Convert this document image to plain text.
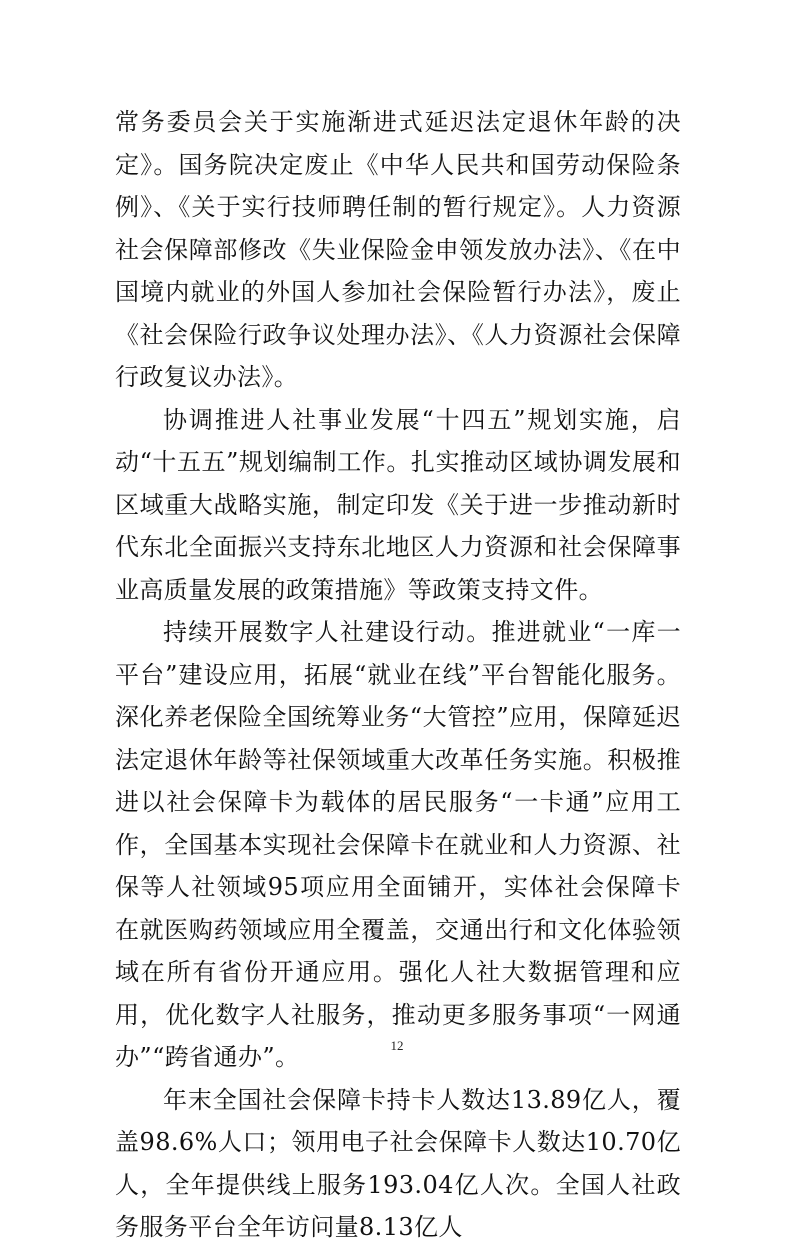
常务委员会关于实施渐进式延迟法定退休年龄的决定》。国务院决定废止《中华人民共和国劳动保险条例》、《关于实行技师聘任制的暂行规定》。人力资源社会保障部修改《失业保险金申领发放办法》、《在中国境内就业的外国人参加社会保险暂行办法》，废止《社会保险行政争议处理办法》、《人力资源社会保障行政复议办法》。

协调推进人社事业发展“十四五”规划实施，启动“十五五”规划编制工作。扎实推动区域协调发展和区域重大战略实施，制定印发《关于进一步推动新时代东北全面振兴支持东北地区人力资源和社会保障事业高质量发展的政策措施》等政策支持文件。

持续开展数字人社建设行动。推进就业“一库一平台”建设应用，拓展“就业在线”平台智能化服务。深化养老保险全国统筹业务“大管控”应用，保障延迟法定退休年龄等社保领域重大改革任务实施。积极推进以社会保障卡为载体的居民服务“一卡通”应用工作，全国基本实现社会保障卡在就业和人力资源、社保等人社领域95项应用全面铺开，实体社会保障卡在就医购药领域应用全覆盖，交通出行和文化体验领域在所有省份开通应用。强化人社大数据管理和应用，优化数字人社服务，推动更多服务事项“一网通办”“跨省通办”。

年末全国社会保障卡持卡人数达13.89亿人，覆盖98.6%人口；领用电子社会保障卡人数达10.70亿人，全年提供线上服务193.04亿人次。全国人社政务服务平台全年访问量8.13亿人

12
